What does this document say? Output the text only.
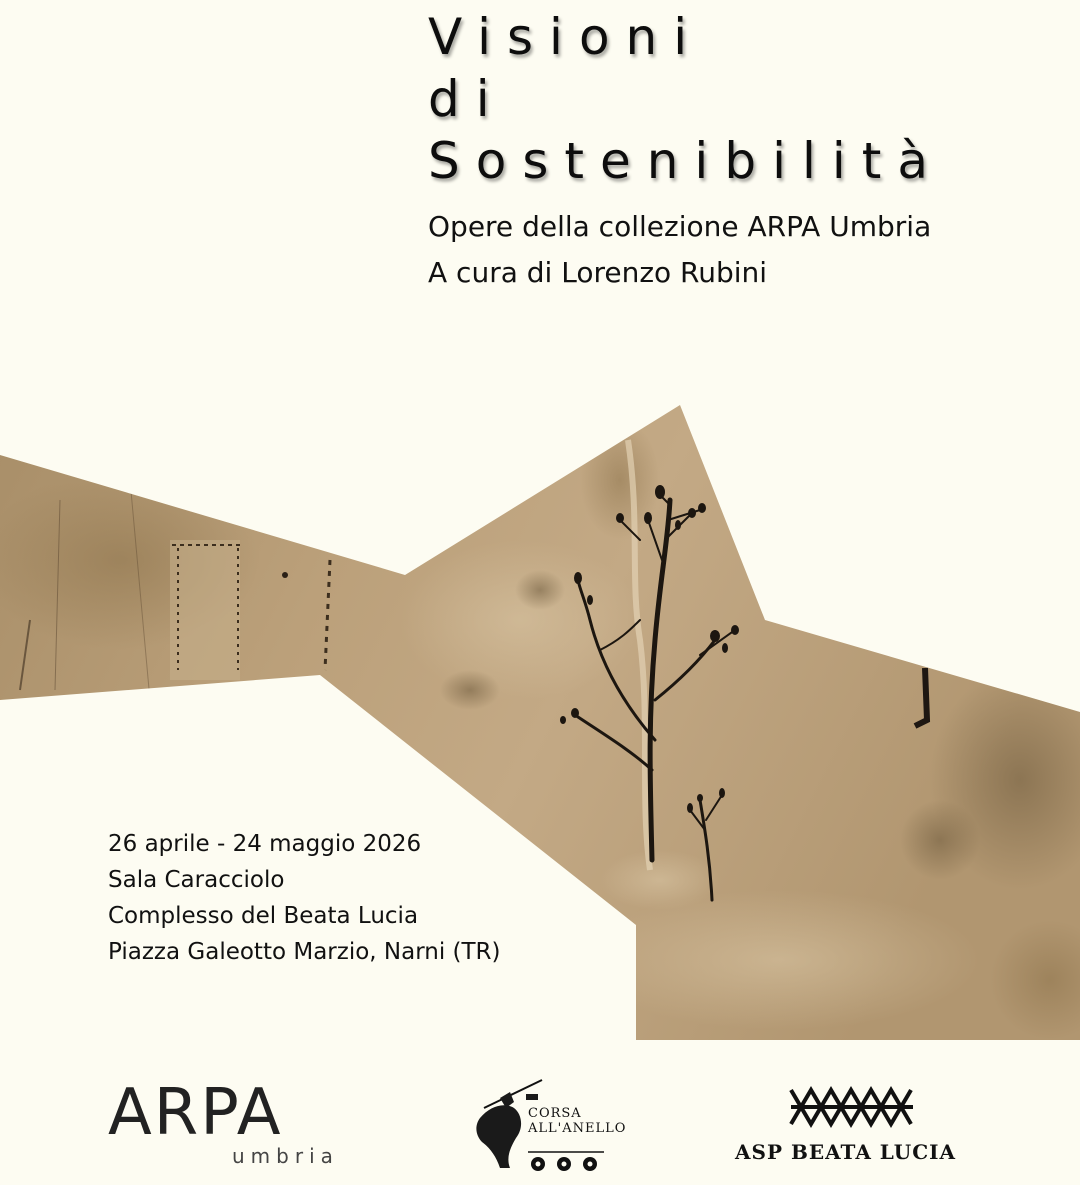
Visioni
di
Sostenibilità
Opere della collezione ARPA Umbria
A cura di Lorenzo Rubini
26 aprile - 24 maggio 2026
Sala Caracciolo
Complesso del Beata Lucia
Piazza Galeotto Marzio, Narni (TR)
ARPA
umbria
CORSA
ALL'ANELLO
ASP BEATA LUCIA
